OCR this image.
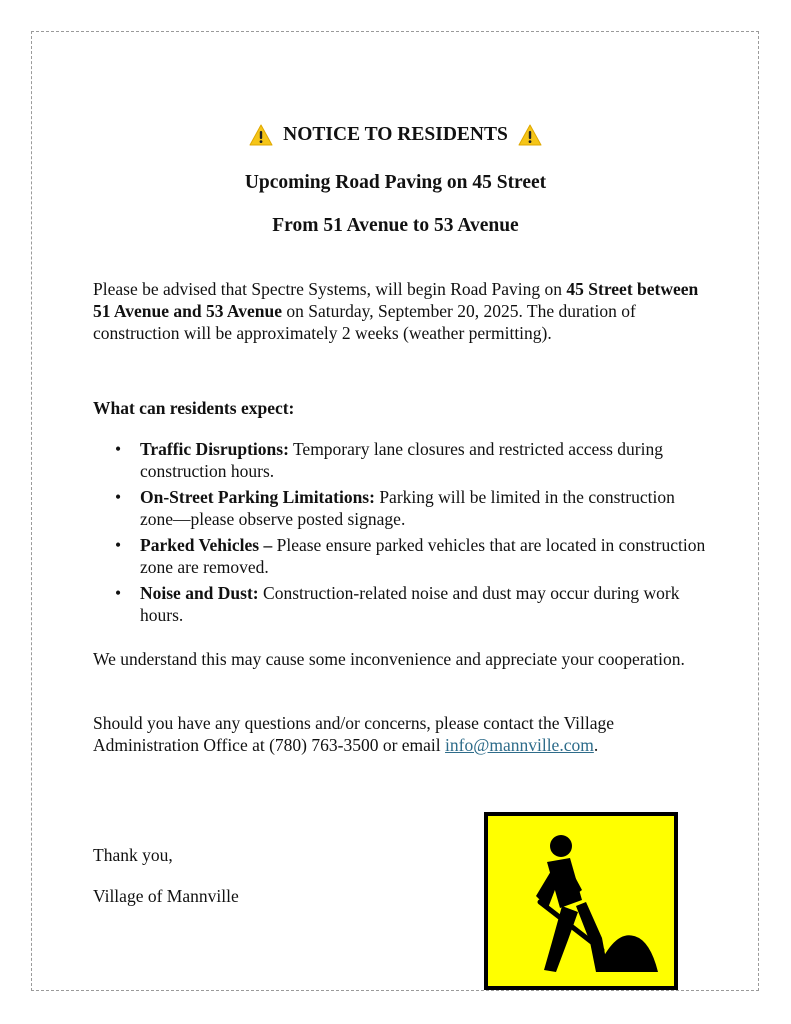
NOTICE TO RESIDENTS
Upcoming Road Paving on 45 Street
From 51 Avenue to 53 Avenue
Please be advised that Spectre Systems, will begin Road Paving on 45 Street between 51 Avenue and 53 Avenue on Saturday, September 20, 2025. The duration of construction will be approximately 2 weeks (weather permitting).
What can residents expect:
• Traffic Disruptions: Temporary lane closures and restricted access during construction hours.
• On-Street Parking Limitations: Parking will be limited in the construction zone—please observe posted signage.
• Parked Vehicles – Please ensure parked vehicles that are located in construction zone are removed.
• Noise and Dust: Construction-related noise and dust may occur during work hours.
We understand this may cause some inconvenience and appreciate your cooperation.
Should you have any questions and/or concerns, please contact the Village Administration Office at (780) 763-3500 or email info@mannville.com.
Thank you,
Village of Mannville
